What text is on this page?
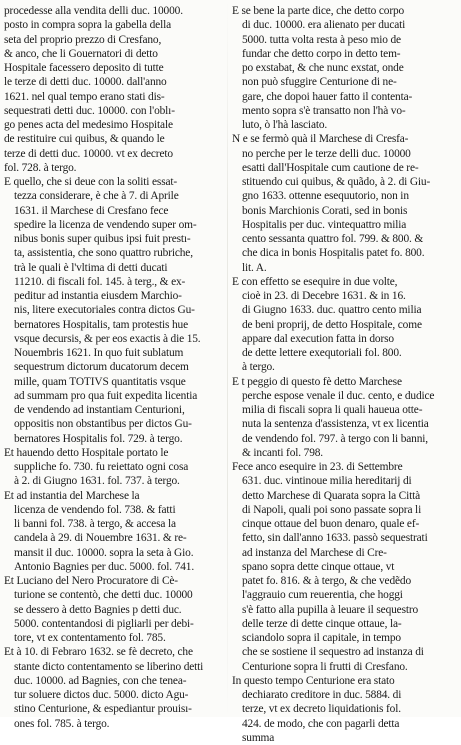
procedesse alla vendita delli duc. 10000.
posto in compra sopra la gabella della
seta del proprio prezzo di Cresfano,
& anco, che li Gouernatori di detto
Hospitale facessero deposito di tutte
le terze di detti duc. 10000. dall'anno
1621. nel qual tempo erano stati dis-
sequestrati detti duc. 10000. con l'oblı-
go penes acta del medesimo Hospitale
de restituire cui quibus, & quando le
terze di detti duc. 10000. vt ex decreto
fol. 728. à tergo.
E quello, che si deue con la soliti essat-
tezza considerare, è che à 7. di Aprile
1631. il Marchese di Cresfano fece
spedire la licenza de vendendo super om-
nibus bonis super quibus ipsi fuit prestı-
ta, assistentia, che sono quattro rubriche,
trà le quali è l'vltima di detti ducati
11210. di fiscali fol. 145. à terg., & ex-
peditur ad instantia eiusdem Marchio-
nis, litere executoriales contra dictos Gu-
bernatores Hospitalis, tam protestis hue
vsque decursis, & per eos exactis à die 15.
Nouembris 1621. In quo fuit sublatum
sequestrum dictorum ducatorum decem
mille, quam TOTIVS quantitatis vsque
ad summam pro qua fuit expedita licentia
de vendendo ad instantiam Centurioni,
oppositis non obstantibus per dictos Gu-
bernatores Hospitalis fol. 729. à tergo.
Et hauendo detto Hospitale portato le
suppliche fo. 730. fu reiettato ogni cosa
à 2. di Giugno 1631. fol. 737. à tergo.
Et ad instantia del Marchese la
licenza de vendendo fol. 738. & fatti
li banni fol. 738. à tergo, & accesa la
candela à 29. di Nouembre 1631. & re-
mansit il duc. 10000. sopra la seta à Gio.
Antonio Bagnies per duc. 5000. fol. 741.
Et Luciano del Nero Procuratore di Cè-
turione se contentò, che detti duc. 10000
se dessero à detto Bagnies p detti duc.
5000. contentandosi di pigliarli per debi-
tore, vt ex contentamento fol. 785.
Et à 10. di Febraro 1632. se fè decreto, che
stante dicto contentamento se liberino detti
duc. 10000. ad Bagnies, con che tenea-
tur soluere dictos duc. 5000. dicto Agu-
stino Centurione, & espediantur prouisı-
ones fol. 785. à tergo.
E se bene la parte dice, che detto corpo
di duc. 10000. era alienato per ducati
5000. tutta volta resta à peso mio de
fundar che detto corpo in detto tem-
po exstabat, & che nunc exstat, onde
non può sfuggire Centurione di ne-
gare, che dopoi hauer fatto il contenta-
mento sopra s'è transatto non l'hà vo-
luto, ò l'hà lasciato.
N e se fermò quà il Marchese di Cresfa-
no perche per le terze delli duc. 10000
esatti dall'Hospitale cum cautione de re-
stituendo cui quibus, & quãdo, à 2. di Giu-
gno 1633. ottenne esequutorio, non in
bonis Marchionis Corati, sed in bonis
Hospitalis per duc. vintequattro milia
cento sessanta quattro fol. 799. & 800. &
che dica in bonis Hospitalis patet fo. 800.
lit. A.
E con effetto se esequire in due volte,
cioè in 23. di Decebre 1631. & in 16.
di Giugno 1633. duc. quattro cento milia
de beni proprij, de detto Hospitale, come
appare dal execution fatta in dorso
de dette lettere exequtoriali fol. 800.
à tergo.
E t peggio di questo fè detto Marchese
perche espose venale il duc. cento, e dudice
milia di fiscali sopra li quali haueua otte-
nuta la sentenza d'assistenza, vt ex licentia
de vendendo fol. 797. à tergo con li banni,
& incanti fol. 798.
Fece anco esequire in 23. di Settembre
631. duc. vintinoue milia hereditarij di
detto Marchese di Quarata sopra la Città
di Napoli, quali poi sono passate sopra li
cinque ottaue del buon denaro, quale ef-
fetto, sin dall'anno 1633. passò sequestrati
ad instanza del Marchese di Cre-
spano sopra dette cinque ottaue, vt
patet fo. 816. & à tergo, & che vedẽdo
l'aggrauio cum reuerentia, che hoggi
s'è fatto alla pupilla à leuare il sequestro
delle terze di dette cinque ottaue, la-
sciandolo sopra il capitale, in tempo
che se sostiene il sequestro ad instanza di
Centurione sopra li frutti di Cresfano.
In questo tempo Centurione era stato
dechiarato creditore in duc. 5884. di
terze, vt ex decreto liquidationis fol.
424. de modo, che con pagarli detta
summa
